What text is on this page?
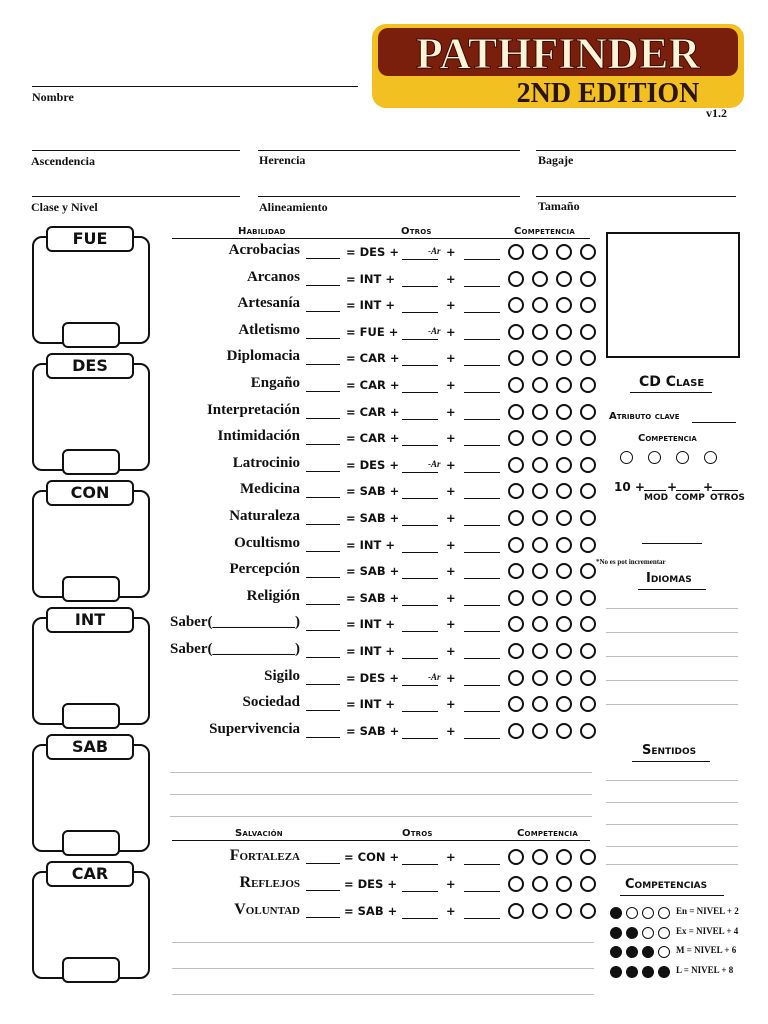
PATHFINDER
2ND EDITION
v1.2
Nombre
Ascendencia	Herencia	Bagaje
Clase y Nivel	Alineamiento	Tamaño
FUE
DES
CON
INT
SAB
CAR
Habilidad	Otros	Competencia
Acrobacias	= DES +	-Ar +
Arcanos	= INT +	+
Artesanía	= INT +	+
Atletismo	= FUE +	-Ar +
Diplomacia	= CAR +	+
Engaño	= CAR +	+
Interpretación	= CAR +	+
Intimidación	= CAR +	+
Latrocinio	= DES +	-Ar +
Medicina	= SAB +	+
Naturaleza	= SAB +	+
Ocultismo	= INT +	+
Percepción	= SAB +	+
Religión	= SAB +	+
Saber(___________)	= INT +	+
Saber(___________)	= INT +	+
Sigilo	= DES +	-Ar +
Sociedad	= INT +	+
Supervivencia	= SAB +	+
Salvación	Otros	Competencia
Fortaleza	= CON +	+
Reflejos	= DES +	+
Voluntad	= SAB +	+
CD Clase
Atributo clave
Competencia
10 + + +
MOD COMP OTROS
*No es pot incrementar
Idiomas
Sentidos
Competencias
En = NIVEL + 2
Ex = NIVEL + 4
M = NIVEL + 6
L = NIVEL + 8
